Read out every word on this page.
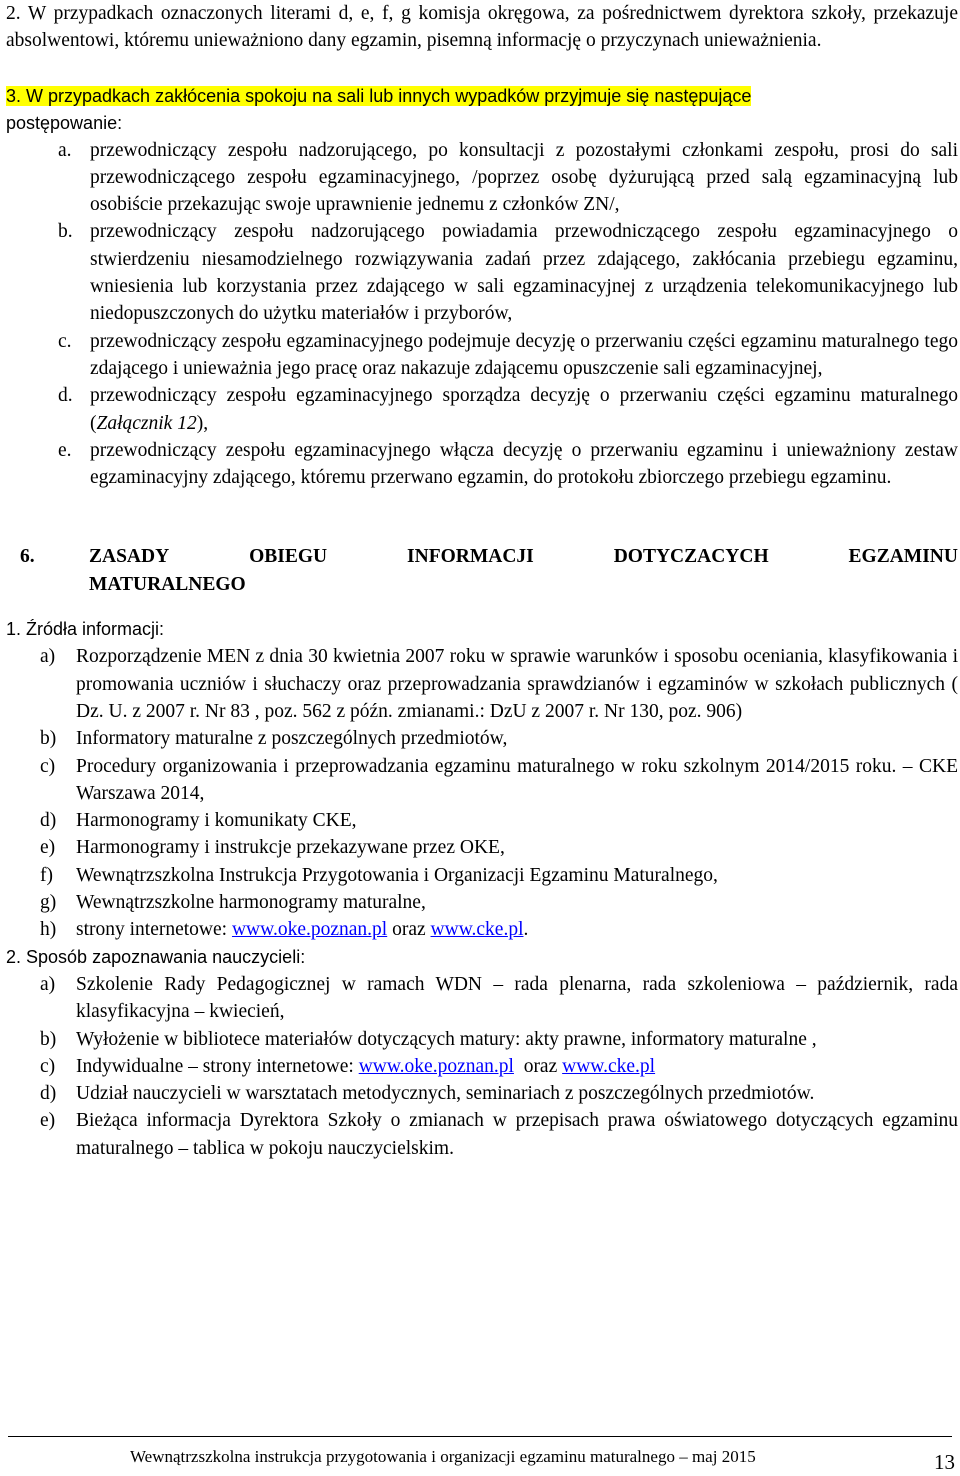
2. W przypadkach oznaczonych literami d, e, f, g komisja okręgowa, za pośrednictwem dyrektora szkoły, przekazuje absolwentowi, któremu unieważniono dany egzamin, pisemną informację o przyczynach unieważnienia.

3. W przypadkach zakłócenia spokoju na sali lub innych wypadków przyjmuje się następujące
postępowanie:

a. przewodniczący zespołu nadzorującego, po konsultacji z pozostałymi członkami zespołu, prosi do sali przewodniczącego zespołu egzaminacyjnego, /poprzez osobę dyżurującą przed salą egzaminacyjną lub osobiście przekazując swoje uprawnienie jednemu z członków ZN/,
b. przewodniczący zespołu nadzorującego powiadamia przewodniczącego zespołu egzaminacyjnego o stwierdzeniu niesamodzielnego rozwiązywania zadań przez zdającego, zakłócania przebiegu egzaminu, wniesienia lub korzystania przez zdającego w sali egzaminacyjnej z urządzenia telekomunikacyjnego lub niedopuszczonych do użytku materiałów i przyborów,
c. przewodniczący zespołu egzaminacyjnego podejmuje decyzję o przerwaniu części egzaminu maturalnego tego zdającego i unieważnia jego pracę oraz nakazuje zdającemu opuszczenie sali egzaminacyjnej,
d. przewodniczący zespołu egzaminacyjnego sporządza decyzję o przerwaniu części egzaminu maturalnego (Załącznik 12),
e. przewodniczący zespołu egzaminacyjnego włącza decyzję o przerwaniu egzaminu i unieważniony zestaw egzaminacyjny zdającego, któremu przerwano egzamin, do protokołu zbiorczego przebiegu egzaminu.
6.	ZASADY	OBIEGU	INFORMACJI	DOTYCZACYCH	EGZAMINU
MATURALNEGO

1. Źródła informacji:

a)	Rozporządzenie MEN z dnia 30 kwietnia 2007 roku w sprawie warunków i sposobu oceniania, klasyfikowania i promowania uczniów i słuchaczy oraz przeprowadzania sprawdzianów i egzaminów w szkołach publicznych ( Dz. U. z 2007 r. Nr 83 , poz. 562 z późn. zmianami.: DzU z 2007 r. Nr 130, poz. 906)
b)	Informatory maturalne z poszczególnych przedmiotów,
c)	Procedury organizowania i przeprowadzania egzaminu maturalnego w roku szkolnym 2014/2015 roku. – CKE Warszawa 2014,
d)	Harmonogramy i komunikaty CKE,
e)	Harmonogramy i instrukcje przekazywane przez OKE,
f)	Wewnątrzszkolna Instrukcja Przygotowania i Organizacji Egzaminu Maturalnego,
g)	Wewnątrzszkolne harmonogramy maturalne,
h)	strony internetowe: www.oke.poznan.pl oraz www.cke.pl.

2. Sposób zapoznawania nauczycieli:

a)	Szkolenie Rady Pedagogicznej w ramach WDN – rada plenarna, rada szkoleniowa – październik, rada klasyfikacyjna – kwiecień,
b)	Wyłożenie w bibliotece materiałów dotyczących matury: akty prawne, informatory maturalne ,
c)	Indywidualne – strony internetowe: www.oke.poznan.pl  oraz www.cke.pl
d)	Udział nauczycieli w warsztatach metodycznych, seminariach z poszczególnych przedmiotów.
e)	Bieżąca informacja Dyrektora Szkoły o zmianach w przepisach prawa oświatowego dotyczących egzaminu maturalnego – tablica w pokoju nauczycielskim.
Wewnątrzszkolna instrukcja przygotowania i organizacji egzaminu maturalnego – maj 2015	13
